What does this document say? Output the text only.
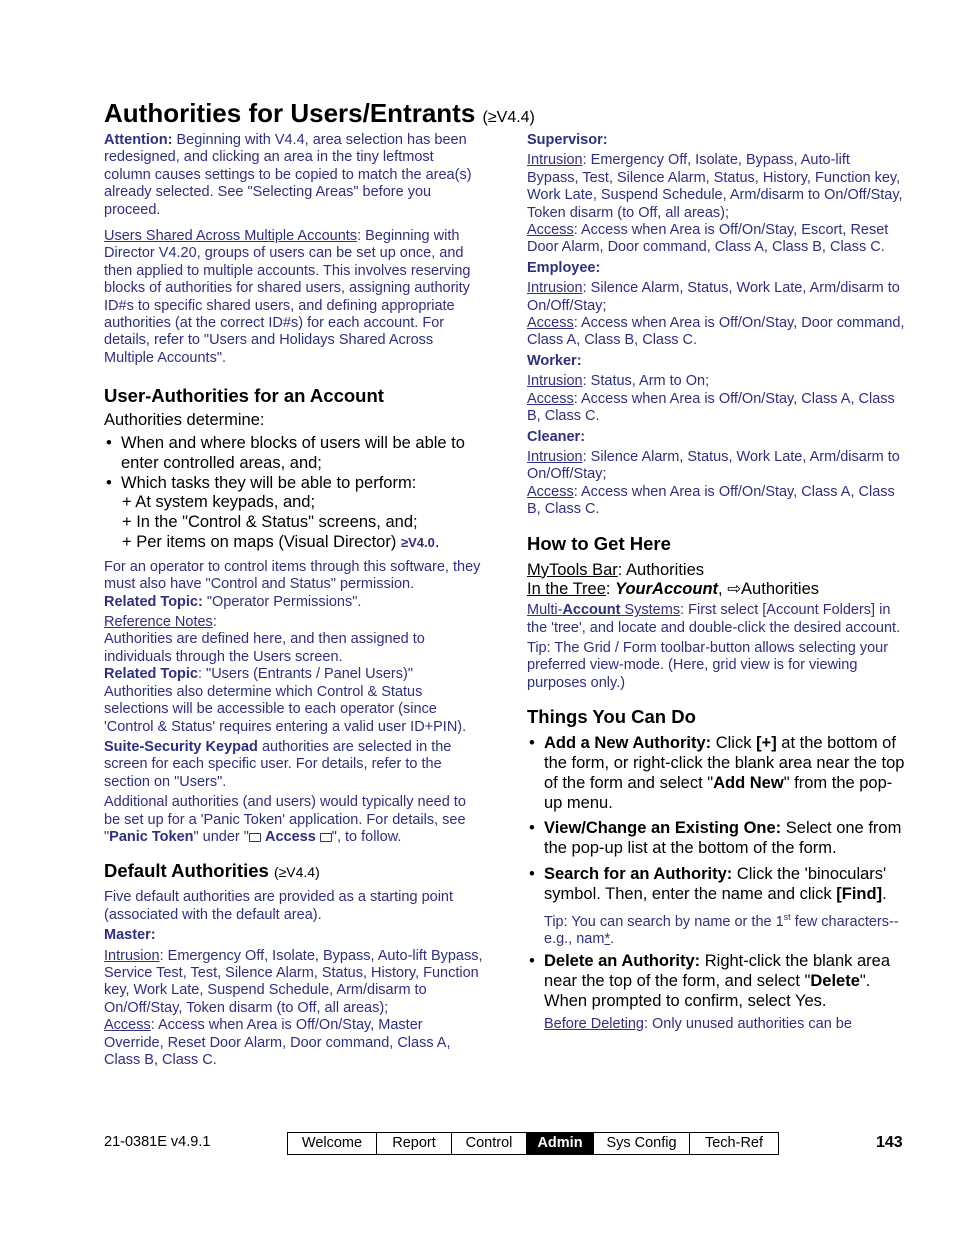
Authorities for Users/Entrants (≥V4.4)

Attention: Beginning with V4.4, area selection has been redesigned, and clicking an area in the tiny leftmost column causes settings to be copied to match the area(s) already selected. See "Selecting Areas" before you proceed.

Users Shared Across Multiple Accounts: Beginning with Director V4.20, groups of users can be set up once, and then applied to multiple accounts. This involves reserving blocks of authorities for shared users, assigning authority ID#s to specific shared users, and defining appropriate authorities (at the correct ID#s) for each account. For details, refer to "Users and Holidays Shared Across Multiple Accounts".

User-Authorities for an Account

Authorities determine:

• When and where blocks of users will be able to enter controlled areas, and;
• Which tasks they will be able to perform:
+ At system keypads, and;
+ In the "Control & Status" screens, and;
+ Per items on maps (Visual Director) ≥V4.0.

For an operator to control items through this software, they must also have "Control and Status" permission.
Related Topic: "Operator Permissions".

Reference Notes:
Authorities are defined here, and then assigned to individuals through the Users screen.

Related Topic: "Users (Entrants / Panel Users)"

Authorities also determine which Control & Status selections will be accessible to each operator (since 'Control & Status' requires entering a valid user ID+PIN).

Suite-Security Keypad authorities are selected in the screen for each specific user. For details, refer to the section on "Users".

Additional authorities (and users) would typically need to be set up for a 'Panic Token' application. For details, see "Panic Token" under " Access ", to follow.

Default Authorities (≥V4.4)

Five default authorities are provided as a starting point (associated with the default area).

Master:

Intrusion: Emergency Off, Isolate, Bypass, Auto-lift Bypass, Service Test, Test, Silence Alarm, Status, History, Function key, Work Late, Suspend Schedule, Arm/disarm to On/Off/Stay, Token disarm (to Off, all areas);

Access: Access when Area is Off/On/Stay, Master Override, Reset Door Alarm, Door command, Class A, Class B, Class C.

Supervisor:

Intrusion: Emergency Off, Isolate, Bypass, Auto-lift Bypass, Test, Silence Alarm, Status, History, Function key, Work Late, Suspend Schedule, Arm/disarm to On/Off/Stay, Token disarm (to Off, all areas);

Access: Access when Area is Off/On/Stay, Escort, Reset Door Alarm, Door command, Class A, Class B, Class C.

Employee:

Intrusion: Silence Alarm, Status, Work Late, Arm/disarm to On/Off/Stay;

Access: Access when Area is Off/On/Stay, Door command, Class A, Class B, Class C.

Worker:

Intrusion: Status, Arm to On;

Access: Access when Area is Off/On/Stay, Class A, Class B, Class C.

Cleaner:

Intrusion: Silence Alarm, Status, Work Late, Arm/disarm to On/Off/Stay;

Access: Access when Area is Off/On/Stay, Class A, Class B, Class C.

How to Get Here

MyTools Bar: Authorities

In the Tree: YourAccount, ⇨Authorities

Multi-Account Systems: First select [Account Folders] in the 'tree', and locate and double-click the desired account.

Tip: The Grid / Form toolbar-button allows selecting your preferred view-mode. (Here, grid view is for viewing purposes only.)

Things You Can Do

• Add a New Authority: Click [+] at the bottom of the form, or right-click the blank area near the top of the form and select "Add New" from the pop-up menu.
• View/Change an Existing One: Select one from the pop-up list at the bottom of the form.
• Search for an Authority: Click the 'binoculars' symbol. Then, enter the name and click [Find].
Tip: You can search by name or the 1st few characters--e.g., nam*.
• Delete an Authority: Right-click the blank area near the top of the form, and select "Delete". When prompted to confirm, select Yes.
Before Deleting: Only unused authorities can be
21-0381E v4.9.1	Welcome	Report	Control	Admin	Sys Config	Tech-Ref	143
